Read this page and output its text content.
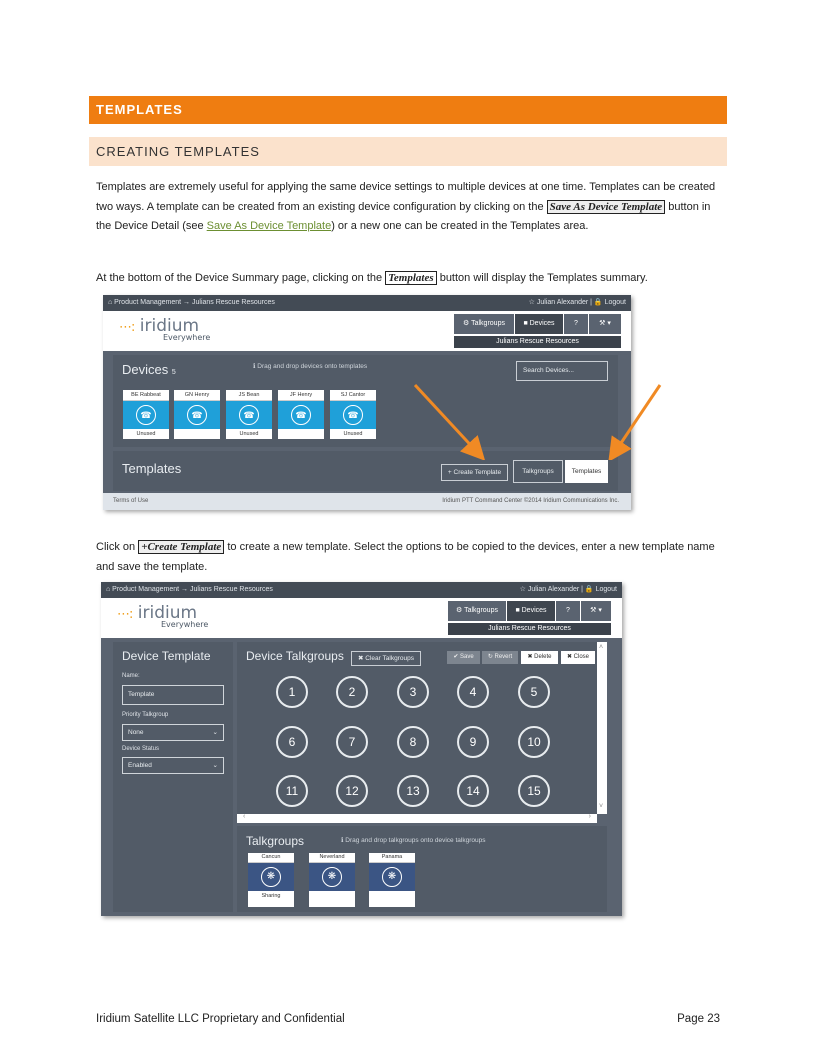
TEMPLATES
CREATING TEMPLATES
Templates are extremely useful for applying the same device settings to multiple devices at one time. Templates can be created two ways. A template can be created from an existing device configuration by clicking on the Save As Device Template button in the Device Detail (see Save As Device Template) or a new one can be created in the Templates area.
At the bottom of the Device Summary page, clicking on the Templates button will display the Templates summary.
⌂ Product Management → Julians Rescue Resources	☆ Julian Alexander | 🔒 Logout
⋯: iridium
Everywhere
⚙ Talkgroups	■ Devices	?	⚒ ▾
Julians Rescue Resources
Devices 5
ℹ Drag and drop devices onto templates
Search Devices...
BE Rabbeat
☎
Unused
GN Henry
☎
JS Bean
☎
Unused
JF Henry
☎
SJ Cantor
☎
Unused
Templates	+ Create Template	Talkgroups	Templates
Terms of Use	Iridium PTT Command Center ©2014 Iridium Communications Inc.
Click on +Create Template to create a new template. Select the options to be copied to the devices, enter a new template name and save the template.
⌂ Product Management → Julians Rescue Resources	☆ Julian Alexander | 🔒 Logout
⋯: iridium
Everywhere
⚙ Talkgroups	■ Devices	?	⚒ ▾
Julians Rescue Resources
Device Template
Name:
Template
Priority Talkgroup
None	⌄
Device Status
Enabled	⌄
Device Talkgroups	✖ Clear Talkgroups	✔ Save	↻ Revert	✖ Delete	✖ Close
1	2	3	4	5
6	7	8	9	10
11	12	13	14	15
‹	›
˄
˅
Talkgroups	ℹ Drag and drop talkgroups onto device talkgroups
Cancun
❋
Sharing
Neverland
❋
Panama
❋
Iridium Satellite LLC Proprietary and Confidential	Page 23
